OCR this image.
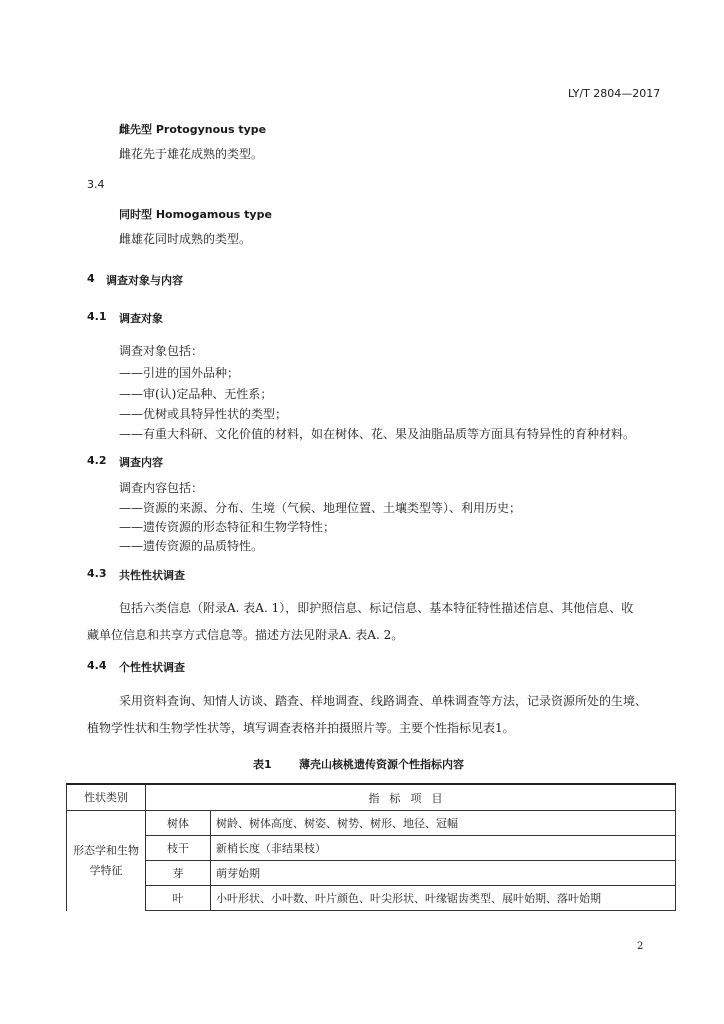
LY/T 2804—2017
雌先型 Protogynous type
雌花先于雄花成熟的类型。
3.4
同时型 Homogamous type
雌雄花同时成熟的类型。
4 调查对象与内容
4.1 调查对象
调查对象包括：
——引进的国外品种；
——审(认)定品种、无性系；
——优树或具特异性状的类型；
——有重大科研、文化价值的材料，如在树体、花、果及油脂品质等方面具有特异性的育种材料。
4.2 调查内容
调查内容包括：
——资源的来源、分布、生境（气候、地理位置、土壤类型等）、利用历史；
——遗传资源的形态特征和生物学特性；
——遗传资源的品质特性。
4.3 共性性状调查
包括六类信息（附录A. 表A. 1），即护照信息、标记信息、基本特征特性描述信息、其他信息、收
藏单位信息和共享方式信息等。描述方法见附录A. 表A. 2。
4.4 个性性状调查
采用资料查询、知情人访谈、踏查、样地调查、线路调查、单株调查等方法，记录资源所处的生境、
植物学性状和生物学性状等，填写调查表格并拍摄照片等。主要个性指标见表1。
表1 薄壳山核桃遗传资源个性指标内容
性状类别	指标项目	
形态学和生物学特征	树体	树龄、树体高度、树姿、树势、树形、地径、冠幅
	枝干	新梢长度（非结果枝）
	芽	萌芽始期
	叶	小叶形状、小叶数、叶片颜色、叶尖形状、叶缘锯齿类型、展叶始期、落叶始期
2
